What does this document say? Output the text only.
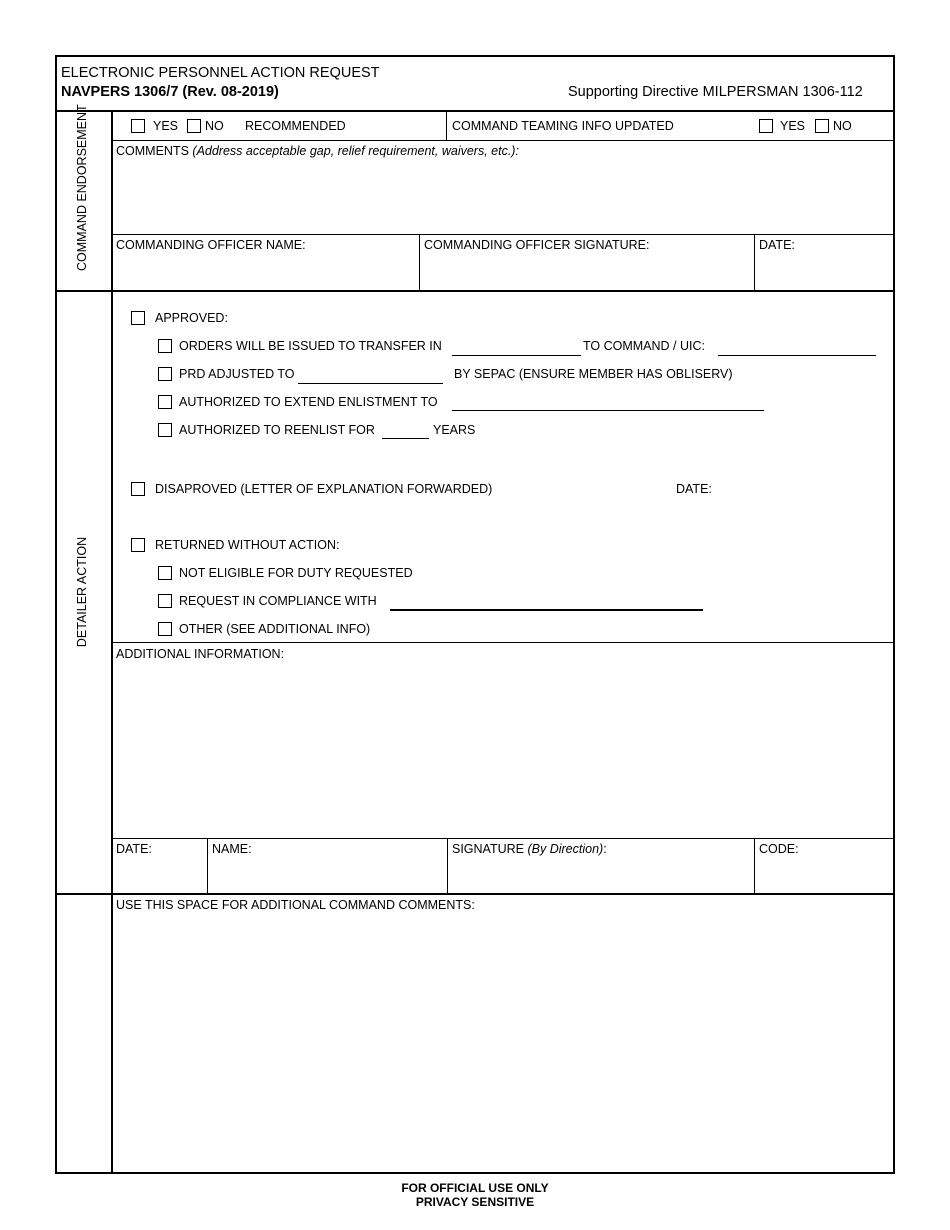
ELECTRONIC PERSONNEL ACTION REQUEST
NAVPERS 1306/7 (Rev. 08-2019)	Supporting Directive MILPERSMAN 1306-112
COMMAND ENDORSEMENT	YES NO RECOMMENDED	COMMAND TEAMING INFO UPDATED	YES NO
COMMENTS (Address acceptable gap, relief requirement, waivers, etc.):
COMMANDING OFFICER NAME:	COMMANDING OFFICER SIGNATURE:	DATE:
DETAILER ACTION
APPROVED:
ORDERS WILL BE ISSUED TO TRANSFER IN	TO COMMAND / UIC:
PRD ADJUSTED TO	BY SEPAC (ENSURE MEMBER HAS OBLISERV)
AUTHORIZED TO EXTEND ENLISTMENT TO
AUTHORIZED TO REENLIST FOR	YEARS
DISAPROVED (LETTER OF EXPLANATION FORWARDED)	DATE:
RETURNED WITHOUT ACTION:
NOT ELIGIBLE FOR DUTY REQUESTED
REQUEST IN COMPLIANCE WITH
OTHER (SEE ADDITIONAL INFO)
ADDITIONAL INFORMATION:
DATE:	NAME:	SIGNATURE (By Direction):	CODE:
USE THIS SPACE FOR ADDITIONAL COMMAND COMMENTS:
FOR OFFICIAL USE ONLY
PRIVACY SENSITIVE
